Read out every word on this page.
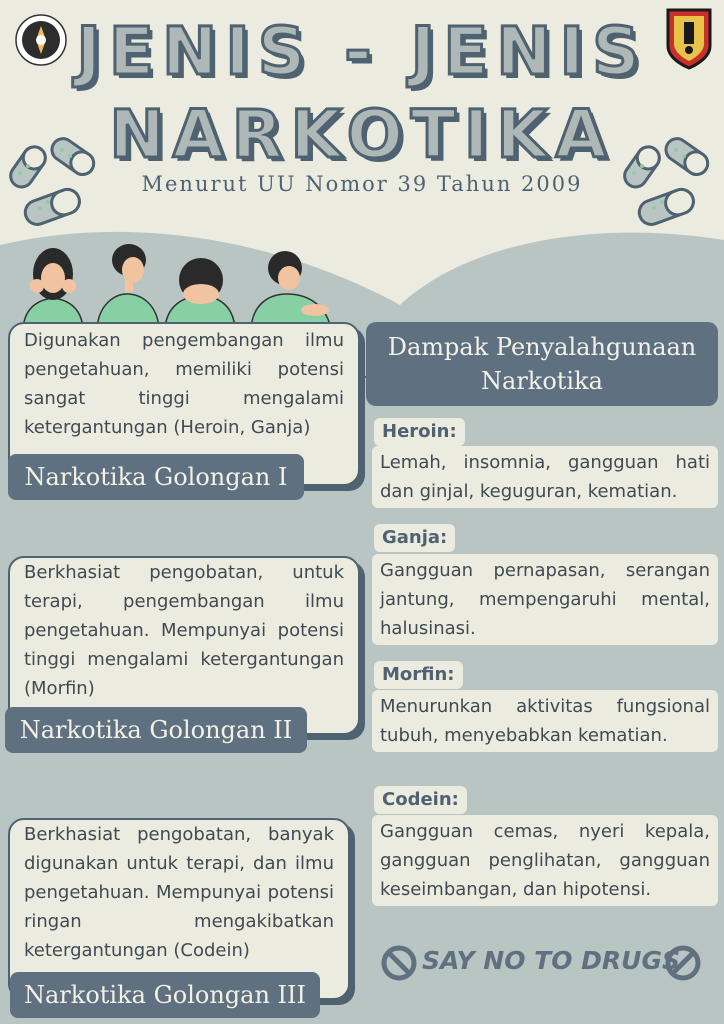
JENIS - JENIS
NARKOTIKA
Menurut UU Nomor 39 Tahun 2009
Digunakan pengembangan ilmu pengetahuan, memiliki potensi sangat tinggi mengalami ketergantungan (Heroin, Ganja)
Narkotika Golongan I
Berkhasiat pengobatan, untuk terapi, pengembangan ilmu pengetahuan. Mempunyai potensi tinggi mengalami ketergantungan (Morfin)
Narkotika Golongan II
Berkhasiat pengobatan, banyak digunakan untuk terapi, dan ilmu pengetahuan. Mempunyai potensi ringan mengakibatkan ketergantungan (Codein)
Narkotika Golongan III
Dampak Penyalahgunaan Narkotika
Heroin:
Lemah, insomnia, gangguan hati dan ginjal, keguguran, kematian.
Ganja:
Gangguan pernapasan, serangan jantung, mempengaruhi mental, halusinasi.
Morfin:
Menurunkan aktivitas fungsional tubuh, menyebabkan kematian.
Codein:
Gangguan cemas, nyeri kepala, gangguan penglihatan, gangguan keseimbangan, dan hipotensi.
SAY NO TO DRUGS
